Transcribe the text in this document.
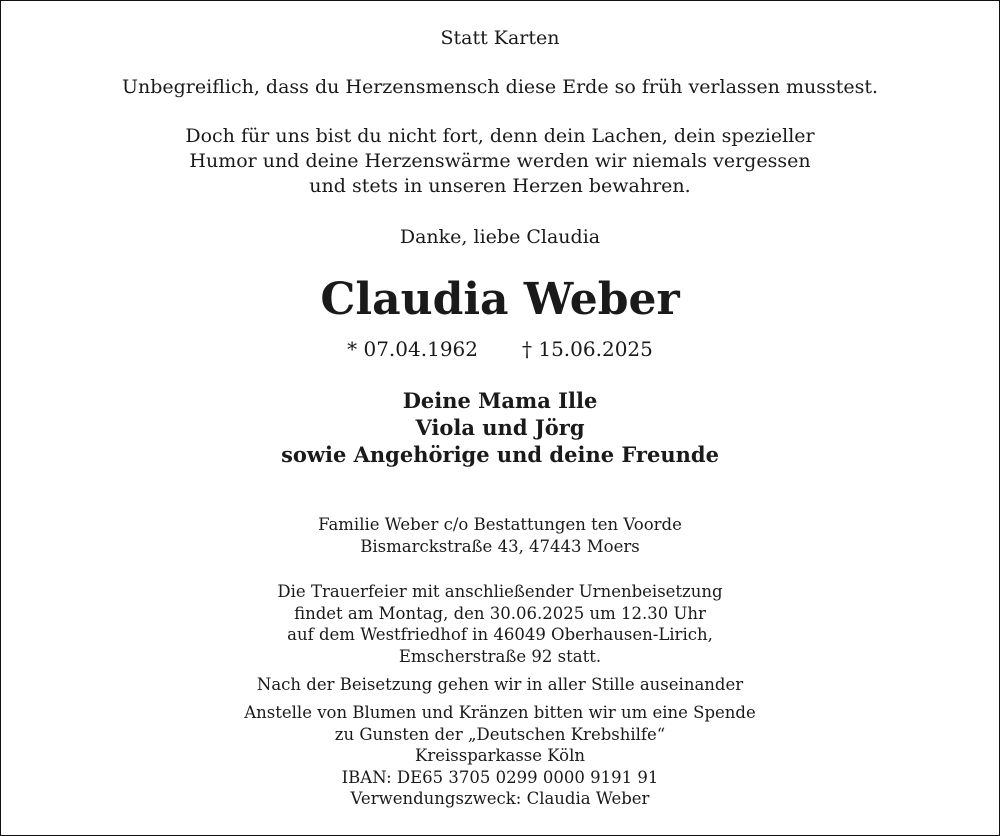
Statt Karten
Unbegreiflich, dass du Herzensmensch diese Erde so früh verlassen musstest.
Doch für uns bist du nicht fort, denn dein Lachen, dein spezieller
Humor und deine Herzenswärme werden wir niemals vergessen
und stets in unseren Herzen bewahren.
Danke, liebe Claudia
Claudia Weber
* 07.04.1962 † 15.06.2025
Deine Mama Ille
Viola und Jörg
sowie Angehörige und deine Freunde
Familie Weber c/o Bestattungen ten Voorde
Bismarckstraße 43, 47443 Moers
Die Trauerfeier mit anschließender Urnenbeisetzung
findet am Montag, den 30.06.2025 um 12.30 Uhr
auf dem Westfriedhof in 46049 Oberhausen-Lirich,
Emscherstraße 92 statt.
Nach der Beisetzung gehen wir in aller Stille auseinander
Anstelle von Blumen und Kränzen bitten wir um eine Spende
zu Gunsten der „Deutschen Krebshilfe“
Kreissparkasse Köln
IBAN: DE65 3705 0299 0000 9191 91
Verwendungszweck: Claudia Weber
